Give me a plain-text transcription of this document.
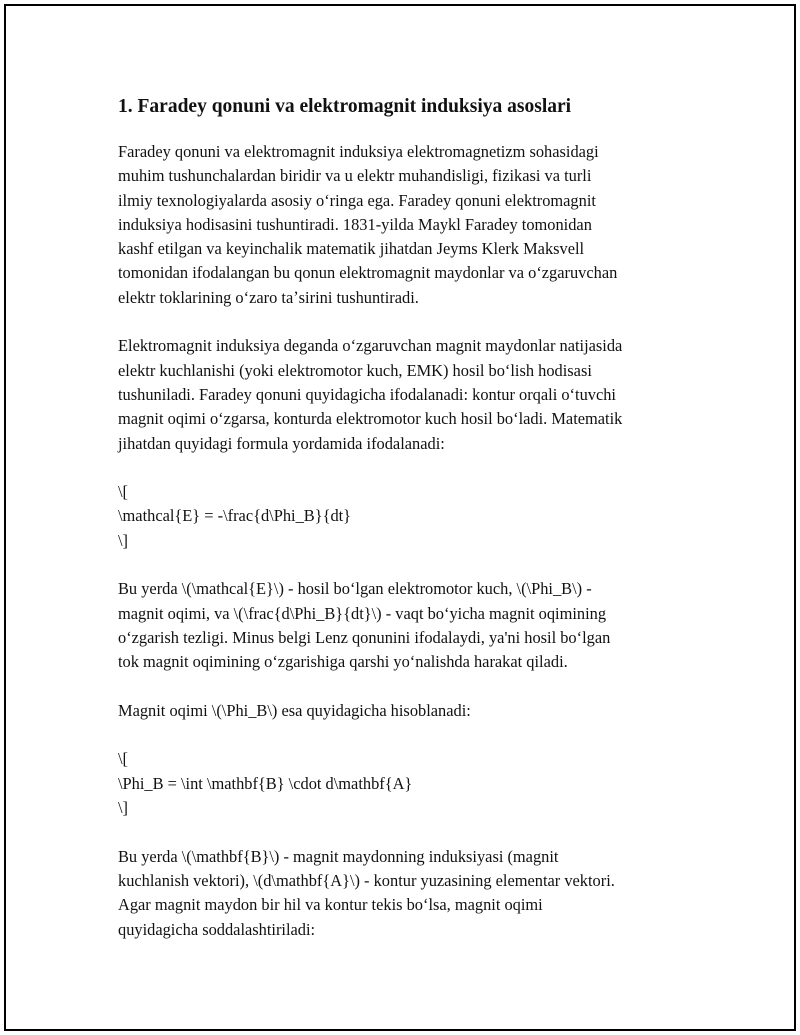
1. Faradey qonuni va elektromagnit induksiya asoslari
Faradey qonuni va elektromagnit induksiya elektromagnetizm sohasidagi
muhim tushunchalardan biridir va u elektr muhandisligi, fizikasi va turli
ilmiy texnologiyalarda asosiy oʻringa ega. Faradey qonuni elektromagnit
induksiya hodisasini tushuntiradi. 1831-yilda Maykl Faradey tomonidan
kashf etilgan va keyinchalik matematik jihatdan Jeyms Klerk Maksvell
tomonidan ifodalangan bu qonun elektromagnit maydonlar va oʻzgaruvchan
elektr toklarining oʻzaro taʼsirini tushuntiradi.
Elektromagnit induksiya deganda oʻzgaruvchan magnit maydonlar natijasida
elektr kuchlanishi (yoki elektromotor kuch, EMK) hosil boʻlish hodisasi
tushuniladi. Faradey qonuni quyidagicha ifodalanadi: kontur orqali oʻtuvchi
magnit oqimi oʻzgarsa, konturda elektromotor kuch hosil boʻladi. Matematik
jihatdan quyidagi formula yordamida ifodalanadi:
\[
\mathcal{E} = -\frac{d\Phi_B}{dt}
\]
Bu yerda \(\mathcal{E}\) - hosil boʻlgan elektromotor kuch, \(\Phi_B\) -
magnit oqimi, va \(\frac{d\Phi_B}{dt}\) - vaqt boʻyicha magnit oqimining
oʻzgarish tezligi. Minus belgi Lenz qonunini ifodalaydi, ya'ni hosil boʻlgan
tok magnit oqimining oʻzgarishiga qarshi yoʻnalishda harakat qiladi.
Magnit oqimi \(\Phi_B\) esa quyidagicha hisoblanadi:
\[
\Phi_B = \int \mathbf{B} \cdot d\mathbf{A}
\]
Bu yerda \(\mathbf{B}\) - magnit maydonning induksiyasi (magnit
kuchlanish vektori), \(d\mathbf{A}\) - kontur yuzasining elementar vektori.
Agar magnit maydon bir hil va kontur tekis boʻlsa, magnit oqimi
quyidagicha soddalashtiriladi:
